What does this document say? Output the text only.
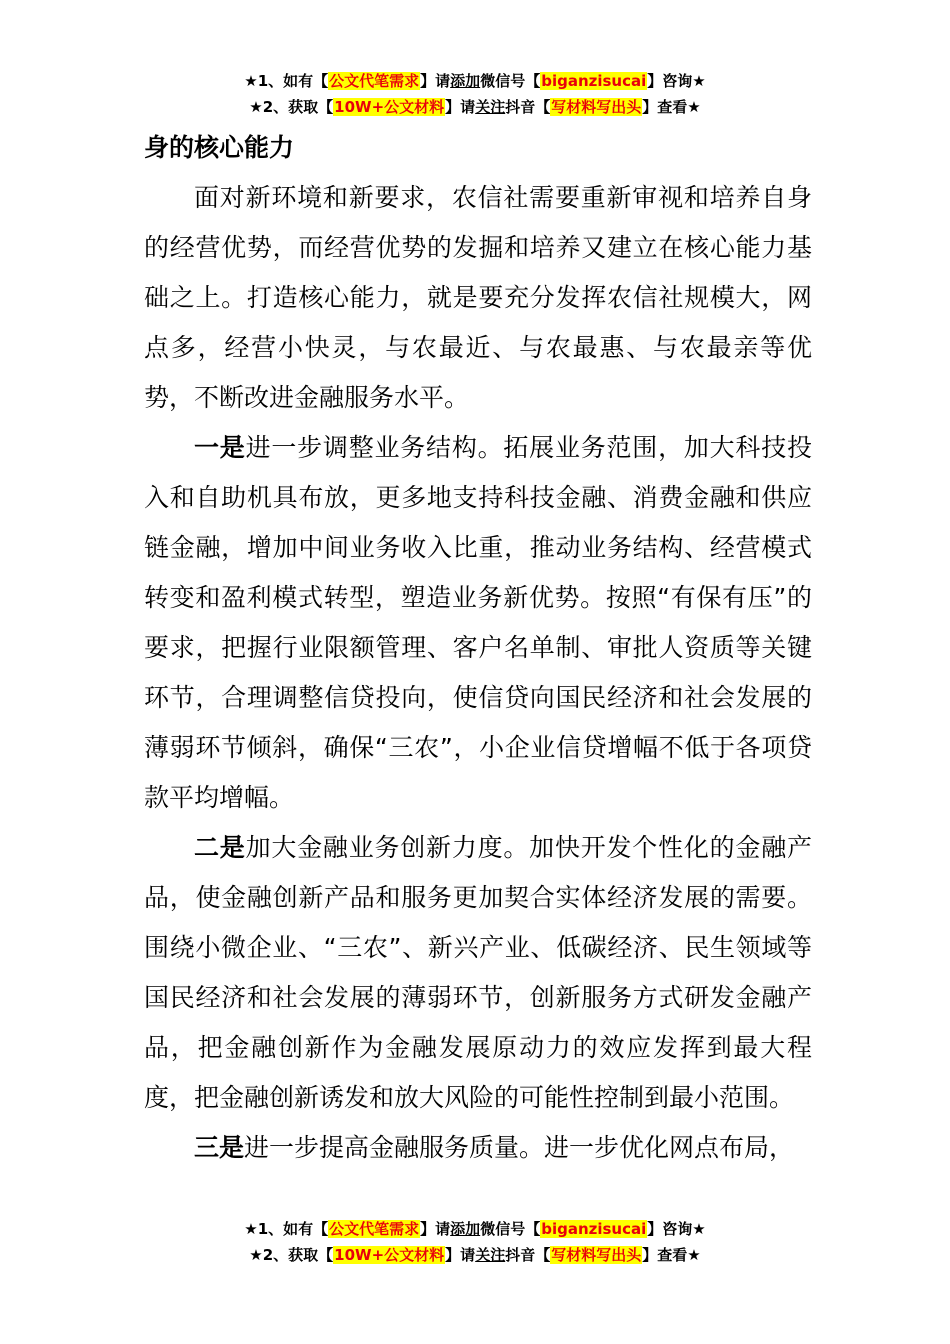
★1、如有【公文代笔需求】请添加微信号【biganzisucai】咨询★
★2、获取【10W+公文材料】请关注抖音【写材料写出头】查看★

身的核心能力

面对新环境和新要求，农信社需要重新审视和培养自身的经营优势，而经营优势的发掘和培养又建立在核心能力基础之上。打造核心能力，就是要充分发挥农信社规模大，网点多，经营小快灵，与农最近、与农最惠、与农最亲等优势，不断改进金融服务水平。

一是进一步调整业务结构。拓展业务范围，加大科技投入和自助机具布放，更多地支持科技金融、消费金融和供应链金融，增加中间业务收入比重，推动业务结构、经营模式转变和盈利模式转型，塑造业务新优势。按照“有保有压”的要求，把握行业限额管理、客户名单制、审批人资质等关键环节，合理调整信贷投向，使信贷向国民经济和社会发展的薄弱环节倾斜，确保“三农”，小企业信贷增幅不低于各项贷款平均增幅。

二是加大金融业务创新力度。加快开发个性化的金融产品，使金融创新产品和服务更加契合实体经济发展的需要。围绕小微企业、“三农”、新兴产业、低碳经济、民生领域等国民经济和社会发展的薄弱环节，创新服务方式研发金融产品，把金融创新作为金融发展原动力的效应发挥到最大程度，把金融创新诱发和放大风险的可能性控制到最小范围。

三是进一步提高金融服务质量。进一步优化网点布局，

★1、如有【公文代笔需求】请添加微信号【biganzisucai】咨询★
★2、获取【10W+公文材料】请关注抖音【写材料写出头】查看★
